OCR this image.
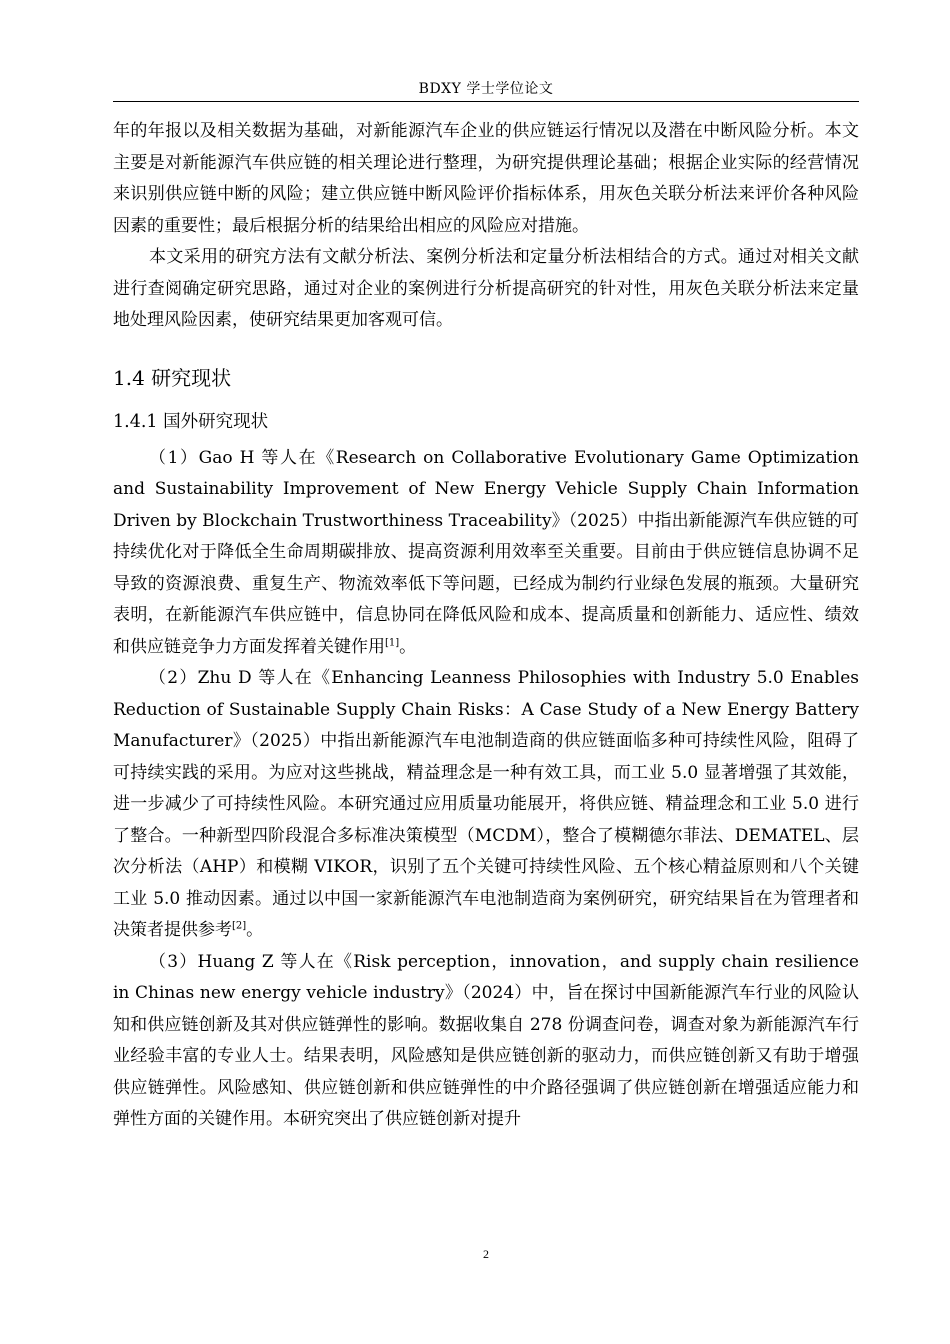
BDXY 学士学位论文

年的年报以及相关数据为基础，对新能源汽车企业的供应链运行情况以及潜在中断风险分析。本文主要是对新能源汽车供应链的相关理论进行整理，为研究提供理论基础；根据企业实际的经营情况来识别供应链中断的风险；建立供应链中断风险评价指标体系，用灰色关联分析法来评价各种风险因素的重要性；最后根据分析的结果给出相应的风险应对措施。

本文采用的研究方法有文献分析法、案例分析法和定量分析法相结合的方式。通过对相关文献进行查阅确定研究思路，通过对企业的案例进行分析提高研究的针对性，用灰色关联分析法来定量地处理风险因素，使研究结果更加客观可信。

1.4 研究现状
1.4.1 国外研究现状

（1）Gao H 等人在《Research on Collaborative Evolutionary Game Optimization and Sustainability Improvement of New Energy Vehicle Supply Chain Information Driven by Blockchain Trustworthiness Traceability》（2025）中指出新能源汽车供应链的可持续优化对于降低全生命周期碳排放、提高资源利用效率至关重要。目前由于供应链信息协调不足导致的资源浪费、重复生产、物流效率低下等问题，已经成为制约行业绿色发展的瓶颈。大量研究表明，在新能源汽车供应链中，信息协同在降低风险和成本、提高质量和创新能力、适应性、绩效和供应链竞争力方面发挥着关键作用[1]。

（2）Zhu D 等人在《Enhancing Leanness Philosophies with Industry 5.0 Enables Reduction of Sustainable Supply Chain Risks：A Case Study of a New Energy Battery Manufacturer》（2025）中指出新能源汽车电池制造商的供应链面临多种可持续性风险，阻碍了可持续实践的采用。为应对这些挑战，精益理念是一种有效工具，而工业 5.0 显著增强了其效能，进一步减少了可持续性风险。本研究通过应用质量功能展开，将供应链、精益理念和工业 5.0 进行了整合。一种新型四阶段混合多标准决策模型（MCDM），整合了模糊德尔菲法、DEMATEL、层次分析法（AHP）和模糊 VIKOR，识别了五个关键可持续性风险、五个核心精益原则和八个关键工业 5.0 推动因素。通过以中国一家新能源汽车电池制造商为案例研究，研究结果旨在为管理者和决策者提供参考[2]。

（3）Huang Z 等人在《Risk perception，innovation，and supply chain resilience in Chinas new energy vehicle industry》（2024）中，旨在探讨中国新能源汽车行业的风险认知和供应链创新及其对供应链弹性的影响。数据收集自 278 份调查问卷，调查对象为新能源汽车行业经验丰富的专业人士。结果表明，风险感知是供应链创新的驱动力，而供应链创新又有助于增强供应链弹性。风险感知、供应链创新和供应链弹性的中介路径强调了供应链创新在增强适应能力和弹性方面的关键作用。本研究突出了供应链创新对提升

2
